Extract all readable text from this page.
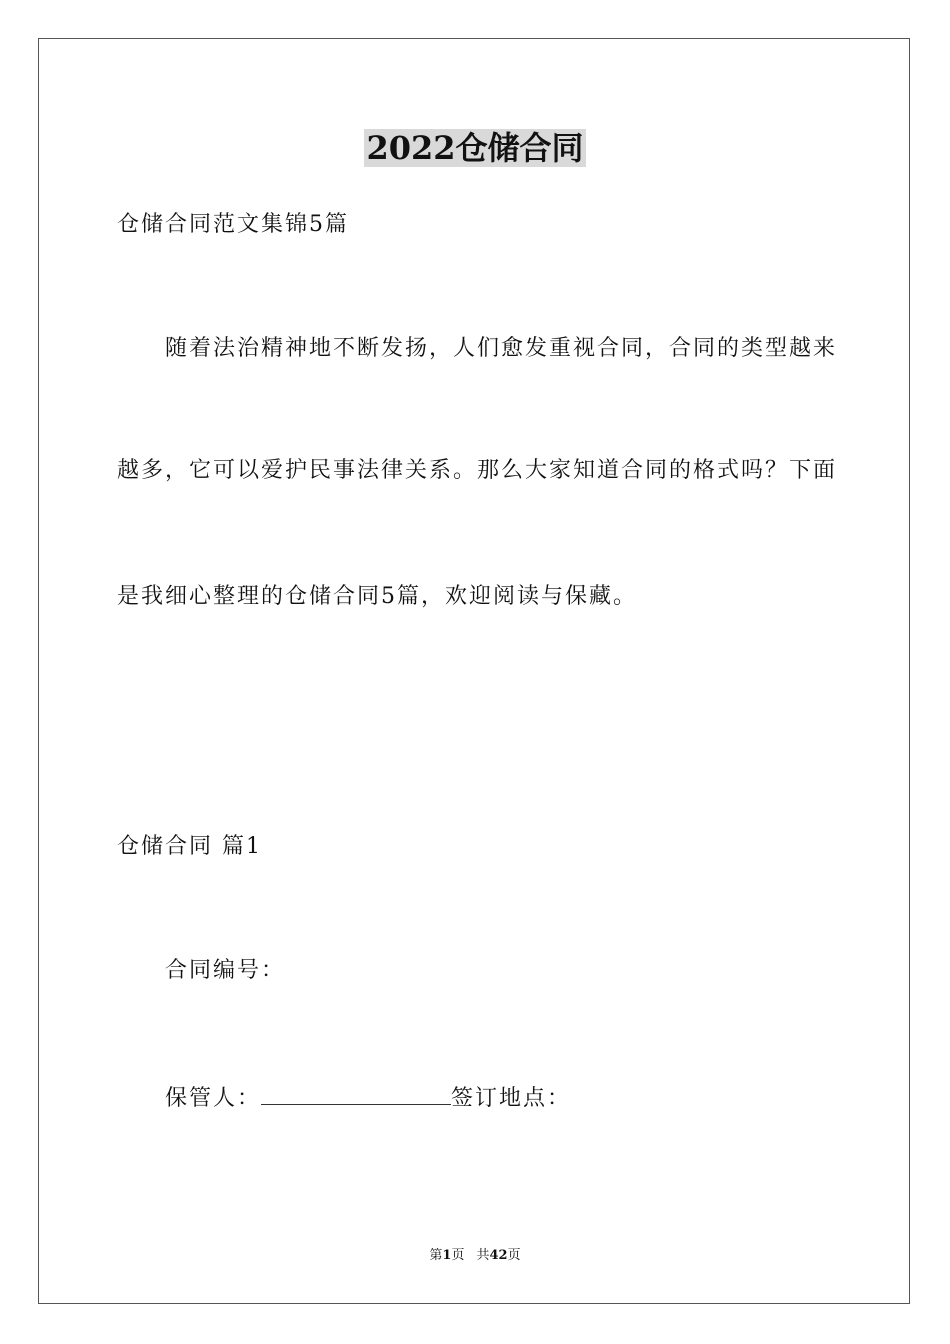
2022仓储合同
仓储合同范文集锦5篇
随着法治精神地不断发扬，人们愈发重视合同，合同的类型越来
越多，它可以爱护民事法律关系。那么大家知道合同的格式吗？下面
是我细心整理的仓储合同5篇，欢迎阅读与保藏。
仓储合同 篇1
合同编号：
保管人：	签订地点：
第1页 共42页
